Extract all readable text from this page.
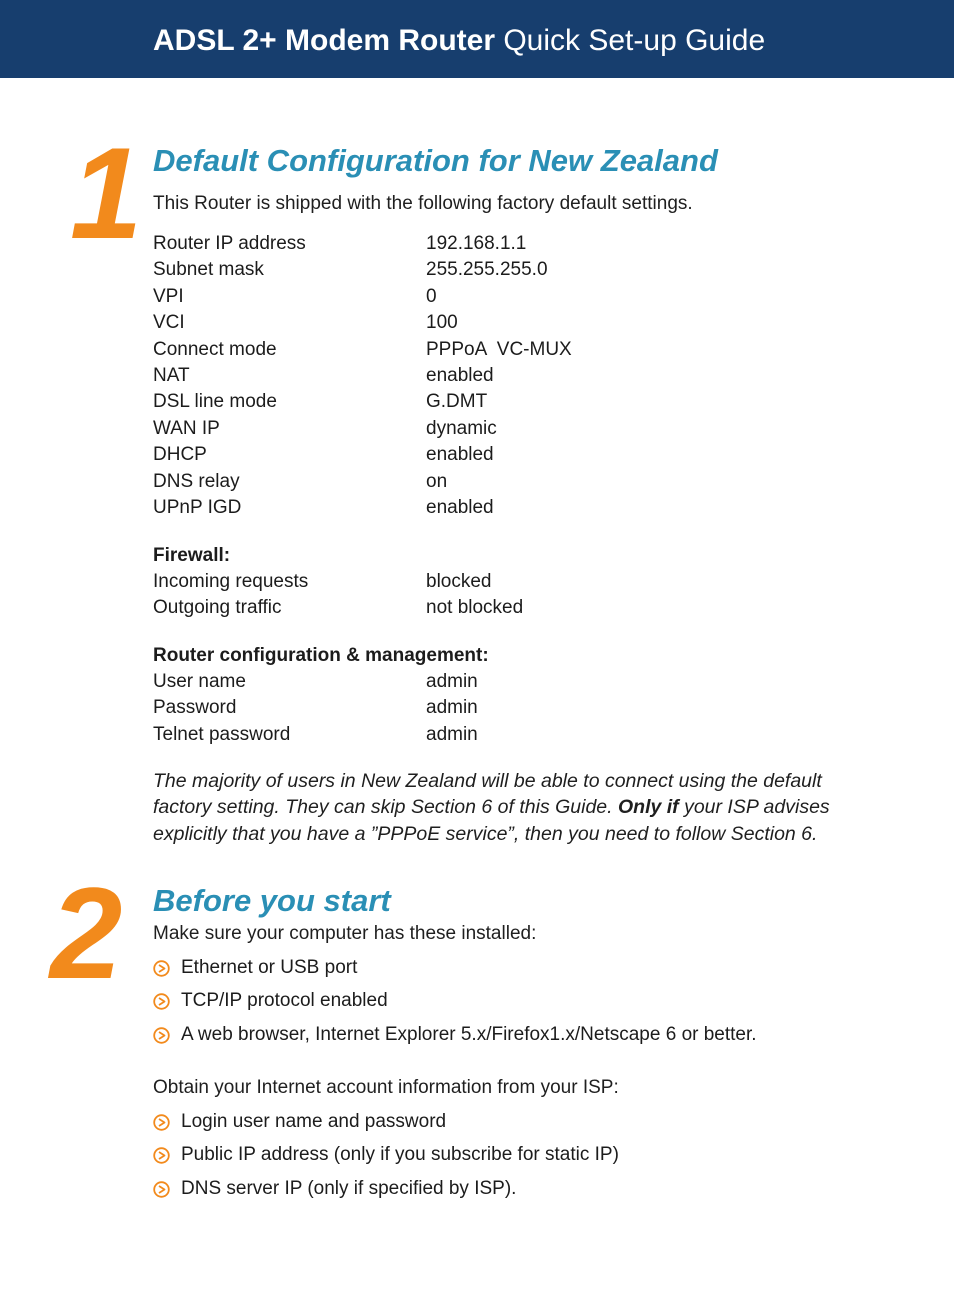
ADSL 2+ Modem Router Quick Set-up Guide
1 Default Configuration for New Zealand
This Router is shipped with the following factory default settings.
Router IP address	192.168.1.1
Subnet mask	255.255.255.0
VPI	0
VCI	100
Connect mode	PPPoA  VC-MUX
NAT	enabled
DSL line mode	G.DMT
WAN IP	dynamic
DHCP	enabled
DNS relay	on
UPnP IGD	enabled
Firewall:
Incoming requests	blocked
Outgoing traffic	not blocked
Router configuration & management:
User name	admin
Password	admin
Telnet password	admin
The majority of users in New Zealand will be able to connect using the default factory setting. They can skip Section 6 of this Guide. Only if your ISP advises explicitly that you have a ”PPPoE service”, then you need to follow Section 6.
2 Before you start
Make sure your computer has these installed:
Ethernet or USB port
TCP/IP protocol enabled
A web browser, Internet Explorer 5.x/Firefox1.x/Netscape 6 or better.
Obtain your Internet account information from your ISP:
Login user name and password
Public IP address (only if you subscribe for static IP)
DNS server IP (only if specified by ISP).
